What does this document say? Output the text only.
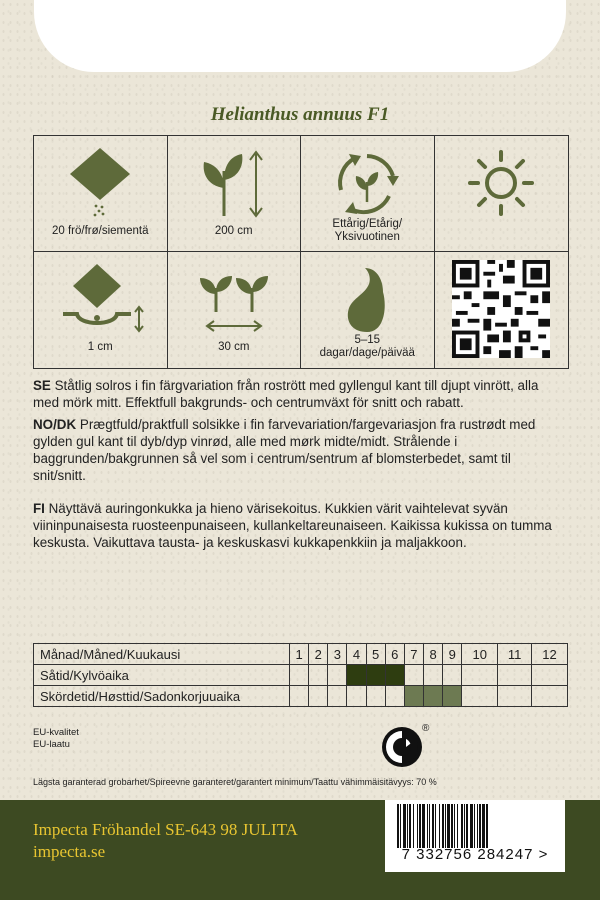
Helianthus annuus F1
20 frö/frø/siementä	200 cm
Ettårig/Etårig/
Yksivuotinen
1 cm	30 cm
5–15
dagar/dage/päivää
SE Ståtlig solros i fin färgvariation från rostrött med gyllengul kant till djupt vinrött, alla med mörk mitt. Effektfull bakgrunds- och centrumväxt för snitt och rabatt.
NO/DK Prægtfuld/praktfull solsikke i fin farvevariation/fargevariasjon fra rustrødt med gylden gul kant til dyb/dyp vinrød, alle med mørk midte/midt. Strålende i baggrunden/bakgrunnen så vel som i centrum/sentrum af blomsterbedet, samt til snit/snitt.
FI Näyttävä auringonkukka ja hieno värisekoitus. Kukkien värit vaihtelevat syvän viininpunaisesta ruosteenpunaiseen, kullankeltareunaiseen. Kaikissa kukissa on tumma keskusta. Vaikuttava tausta- ja keskuskasvi kukkapenkkiin ja maljakkoon.
Månad/Måned/Kuukausi	1	2	3	4	5	6	7	8	9	10	11	12
Såtid/Kylvöaika												
Skördetid/Høsttid/Sadonkorjuuaika												
EU-kvalitet
EU-laatu
®
Lägsta garanterad grobarhet/Spireevne garanteret/garantert minimum/Taattu vähimmäisitävyys: 70 %
Impecta Fröhandel SE-643 98 JULITA
impecta.se	7 332756 284247 >
